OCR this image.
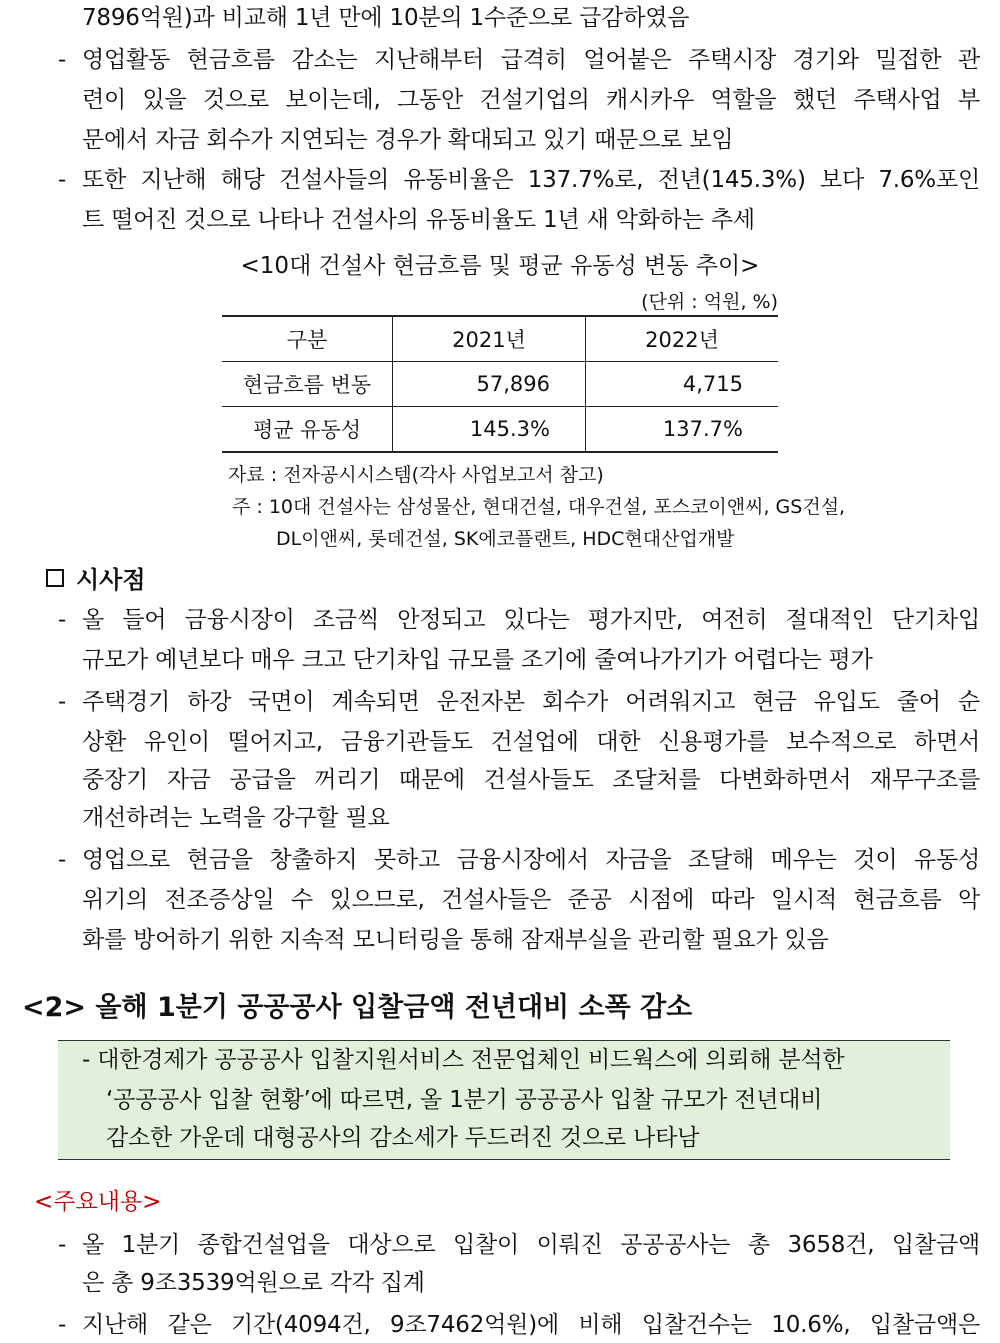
7896억원)과 비교해 1년 만에 10분의 1수준으로 급감하였음
- 영업활동 현금흐름 감소는 지난해부터 급격히 얼어붙은 주택시장 경기와 밀접한 관
련이 있을 것으로 보이는데, 그동안 건설기업의 캐시카우 역할을 했던 주택사업 부
문에서 자금 회수가 지연되는 경우가 확대되고 있기 때문으로 보임
- 또한 지난해 해당 건설사들의 유동비율은 137.7%로, 전년(145.3%) 보다 7.6%포인
트 떨어진 것으로 나타나 건설사의 유동비율도 1년 새 악화하는 추세
<10대 건설사 현금흐름 및 평균 유동성 변동 추이>
(단위 : 억원, %)
구분	2021년	2022년
현금흐름 변동	57,896	4,715
평균 유동성	145.3%	137.7%
자료 : 전자공시시스템(각사 사업보고서 참고)
주 : 10대 건설사는 삼성물산, 현대건설, 대우건설, 포스코이앤씨, GS건설,
DL이앤씨, 롯데건설, SK에코플랜트, HDC현대산업개발
시사점
- 올 들어 금융시장이 조금씩 안정되고 있다는 평가지만, 여전히 절대적인 단기차입
규모가 예년보다 매우 크고 단기차입 규모를 조기에 줄여나가기가 어렵다는 평가
- 주택경기 하강 국면이 계속되면 운전자본 회수가 어려워지고 현금 유입도 줄어 순
상환 유인이 떨어지고, 금융기관들도 건설업에 대한 신용평가를 보수적으로 하면서
중장기 자금 공급을 꺼리기 때문에 건설사들도 조달처를 다변화하면서 재무구조를
개선하려는 노력을 강구할 필요
- 영업으로 현금을 창출하지 못하고 금융시장에서 자금을 조달해 메우는 것이 유동성
위기의 전조증상일 수 있으므로, 건설사들은 준공 시점에 따라 일시적 현금흐름 악
화를 방어하기 위한 지속적 모니터링을 통해 잠재부실을 관리할 필요가 있음
<2> 올해 1분기 공공공사 입찰금액 전년대비 소폭 감소
- 대한경제가 공공공사 입찰지원서비스 전문업체인 비드웍스에 의뢰해 분석한
‘공공공사 입찰 현황’에 따르면, 올 1분기 공공공사 입찰 규모가 전년대비
감소한 가운데 대형공사의 감소세가 두드러진 것으로 나타남
<주요내용>
- 올 1분기 종합건설업을 대상으로 입찰이 이뤄진 공공공사는 총 3658건, 입찰금액
은 총 9조3539억원으로 각각 집계
- 지난해 같은 기간(4094건, 9조7462억원)에 비해 입찰건수는 10.6%, 입찰금액은
